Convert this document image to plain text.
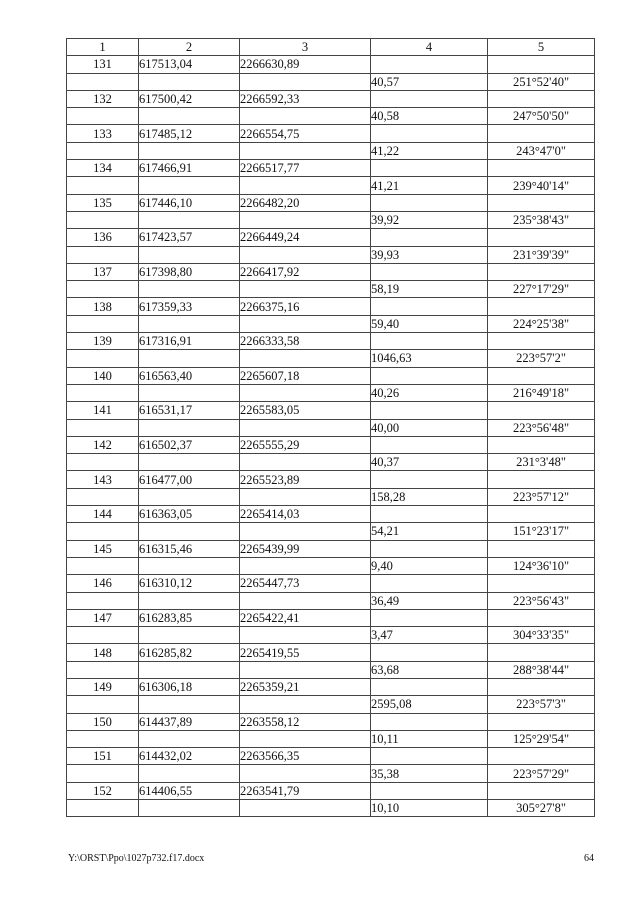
1	2	3	4	5
131	617513,04	2266630,89		
			40,57	251°52'40"
132	617500,42	2266592,33		
			40,58	247°50'50"
133	617485,12	2266554,75		
			41,22	243°47'0"
134	617466,91	2266517,77		
			41,21	239°40'14"
135	617446,10	2266482,20		
			39,92	235°38'43"
136	617423,57	2266449,24		
			39,93	231°39'39"
137	617398,80	2266417,92		
			58,19	227°17'29"
138	617359,33	2266375,16		
			59,40	224°25'38"
139	617316,91	2266333,58		
			1046,63	223°57'2"
140	616563,40	2265607,18		
			40,26	216°49'18"
141	616531,17	2265583,05		
			40,00	223°56'48"
142	616502,37	2265555,29		
			40,37	231°3'48"
143	616477,00	2265523,89		
			158,28	223°57'12"
144	616363,05	2265414,03		
			54,21	151°23'17"
145	616315,46	2265439,99		
			9,40	124°36'10"
146	616310,12	2265447,73		
			36,49	223°56'43"
147	616283,85	2265422,41		
			3,47	304°33'35"
148	616285,82	2265419,55		
			63,68	288°38'44"
149	616306,18	2265359,21		
			2595,08	223°57'3"
150	614437,89	2263558,12		
			10,11	125°29'54"
151	614432,02	2263566,35		
			35,38	223°57'29"
152	614406,55	2263541,79		
			10,10	305°27'8"
Y:\ORST\Ppo\1027p732.f17.docx	64
